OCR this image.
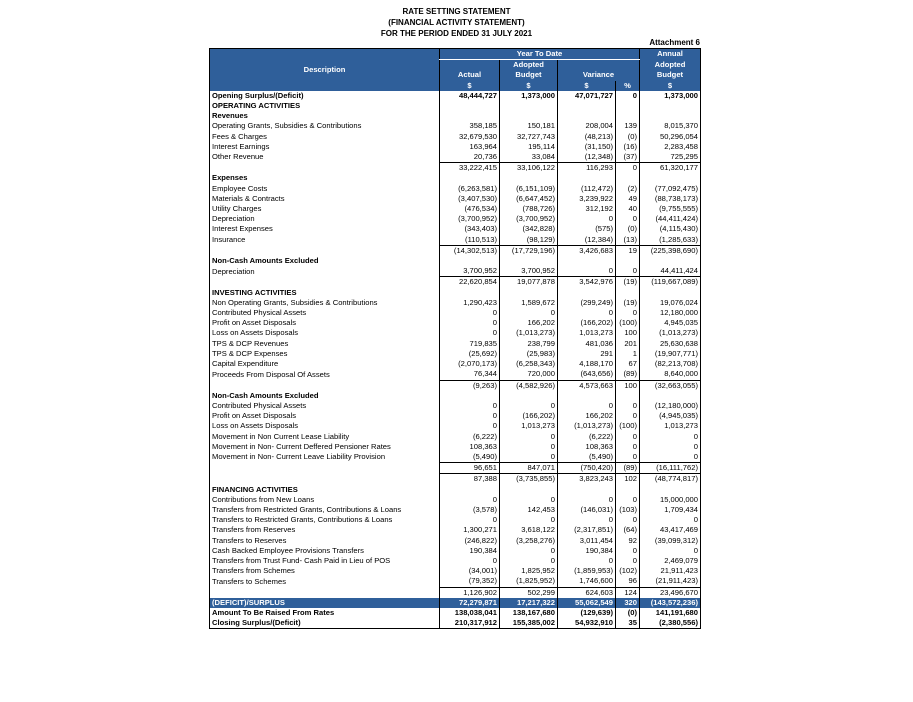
RATE SETTING STATEMENT
(FINANCIAL ACTIVITY STATEMENT)
FOR THE PERIOD ENDED 31 JULY 2021
Attachment 6
Description	Year To Date				Annual
		Adopted			Adopted
	Actual	Budget	Variance		Budget
	$	$	$	%	$
Opening Surplus/(Deficit)	48,444,727	1,373,000	47,071,727	0	1,373,000
OPERATING ACTIVITIES					
Revenues					
Operating Grants, Subsidies & Contributions	358,185	150,181	208,004	139	8,015,370
Fees & Charges	32,679,530	32,727,743	(48,213)	(0)	50,296,054
Interest Earnings	163,964	195,114	(31,150)	(16)	2,283,458
Other Revenue	20,736	33,084	(12,348)	(37)	725,295
	33,222,415	33,106,122	116,293	0	61,320,177

Expenses					
Employee Costs	(6,263,581)	(6,151,109)	(112,472)	(2)	(77,092,475)
Materials & Contracts	(3,407,530)	(6,647,452)	3,239,922	49	(88,738,173)
Utility Charges	(476,534)	(788,726)	312,192	40	(9,755,555)
Depreciation	(3,700,952)	(3,700,952)	0	0	(44,411,424)
Interest Expenses	(343,403)	(342,828)	(575)	(0)	(4,115,430)
Insurance	(110,513)	(98,129)	(12,384)	(13)	(1,285,633)
	(14,302,513)	(17,729,196)	3,426,683	19	(225,398,690)
Non-Cash Amounts Excluded					
Depreciation	3,700,952	3,700,952	0	0	44,411,424
	22,620,854	19,077,878	3,542,976	(19)	(119,667,089)

INVESTING ACTIVITIES					
Non Operating Grants, Subsidies & Contributions	1,290,423	1,589,672	(299,249)	(19)	19,076,024
Contributed Physical Assets	0	0	0	0	12,180,000
Profit on Asset Disposals	0	166,202	(166,202)	(100)	4,945,035
Loss on Assets Disposals	0	(1,013,273)	1,013,273	100	(1,013,273)
TPS & DCP Revenues	719,835	238,799	481,036	201	25,630,638
TPS & DCP Expenses	(25,692)	(25,983)	291	1	(19,907,771)
Capital Expenditure	(2,070,173)	(6,258,343)	4,188,170	67	(82,213,708)
Proceeds From Disposal Of Assets	76,344	720,000	(643,656)	(89)	8,640,000
	(9,263)	(4,582,926)	4,573,663	100	(32,663,055)
Non-Cash Amounts Excluded					
Contributed Physical Assets	0	0	0	0	(12,180,000)
Profit on Asset Disposals	0	(166,202)	166,202	0	(4,945,035)
Loss on Assets Disposals	0	1,013,273	(1,013,273)	(100)	1,013,273
Movement in Non Current Lease Liability	(6,222)	0	(6,222)	0	0
Movement in Non- Current Deffered Pensioner Rates	108,363	0	108,363	0	0
Movement in Non- Current Leave Liability Provision	(5,490)	0	(5,490)	0	0

	96,651	847,071	(750,420)	(89)	(16,111,762)

	87,388	(3,735,855)	3,823,243	102	(48,774,817)

FINANCING ACTIVITIES					
Contributions from New Loans	0	0	0	0	15,000,000
Transfers from Restricted Grants, Contributions & Loans	(3,578)	142,453	(146,031)	(103)	1,709,434
Transfers to Restricted Grants, Contributions & Loans	0	0	0	0	0
Transfers from Reserves	1,300,271	3,618,122	(2,317,851)	(64)	43,417,469
Transfers to Reserves	(246,822)	(3,258,276)	3,011,454	92	(39,099,312)
Cash Backed Employee Provisions Transfers	190,384	0	190,384	0	0
Transfers from Trust Fund- Cash Paid in Lieu of POS	0	0	0	0	2,469,079
Transfers from Schemes	(34,001)	1,825,952	(1,859,953)	(102)	21,911,423
Transfers to Schemes	(79,352)	(1,825,952)	1,746,600	96	(21,911,423)
	1,126,902	502,299	624,603	124	23,496,670
(DEFICIT)/SURPLUS	72,279,871	17,217,322	55,062,549	320	(143,572,236)
Amount To Be Raised From Rates	138,038,041	138,167,680	(129,639)	(0)	141,191,680
Closing Surplus/(Deficit)	210,317,912	155,385,002	54,932,910	35	(2,380,556)
